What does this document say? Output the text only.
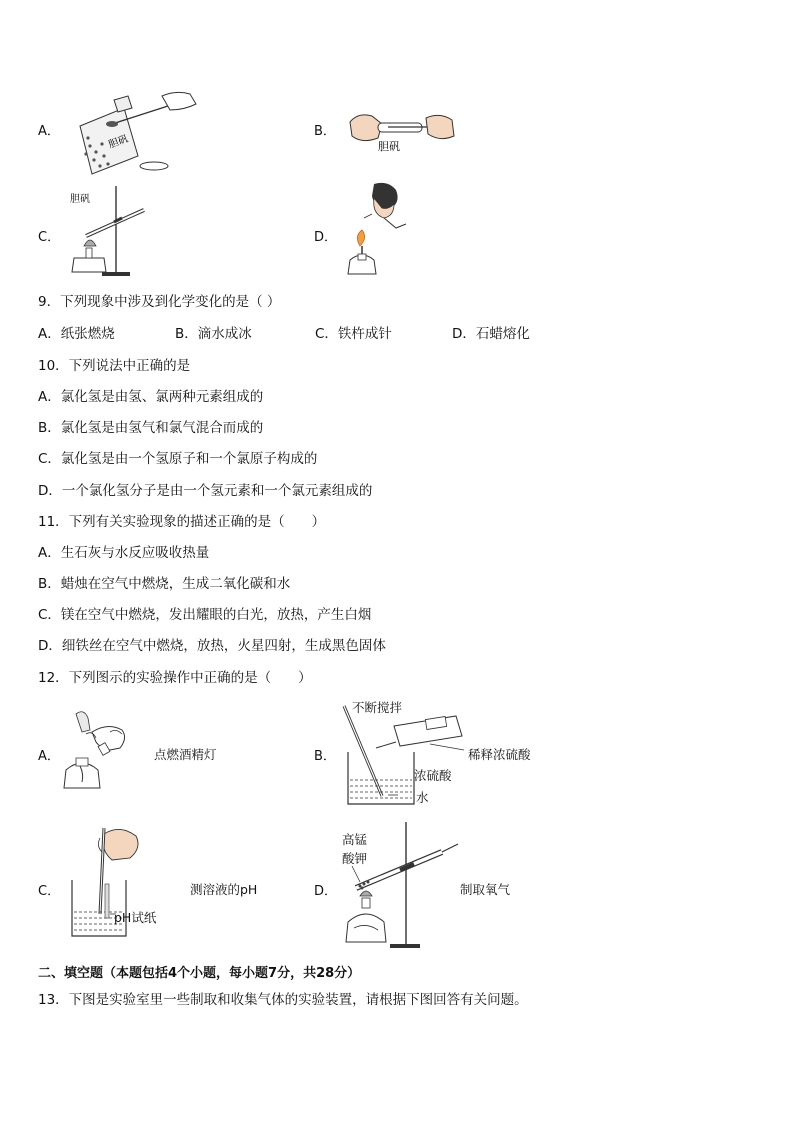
A．
胆矾
B．
胆矾
C．
胆矾
D．
9．下列现象中涉及到化学变化的是（ ）
A．纸张燃烧	B．滴水成冰	C．铁杵成针	D．石蜡熔化
10．下列说法中正确的是
A．氯化氢是由氢、氯两种元素组成的
B．氯化氢是由氢气和氯气混合而成的
C．氯化氢是由一个氢原子和一个氯原子构成的
D．一个氯化氢分子是由一个氢元素和一个氯元素组成的
11．下列有关实验现象的描述正确的是（　　）
A．生石灰与水反应吸收热量
B．蜡烛在空气中燃烧，生成二氧化碳和水
C．镁在空气中燃烧，发出耀眼的白光，放热，产生白烟
D．细铁丝在空气中燃烧，放热，火星四射，生成黑色固体
12．下列图示的实验操作中正确的是（　　）
A．	点燃酒精灯	B．
不断搅拌
稀释浓硫酸
浓硫酸
水
C．
pH试纸
测溶液的pH	D．
高锰
酸钾
制取氧气
二、填空题（本题包括4个小题，每小题7分，共28分）
13．下图是实验室里一些制取和收集气体的实验装置，请根据下图回答有关问题。
